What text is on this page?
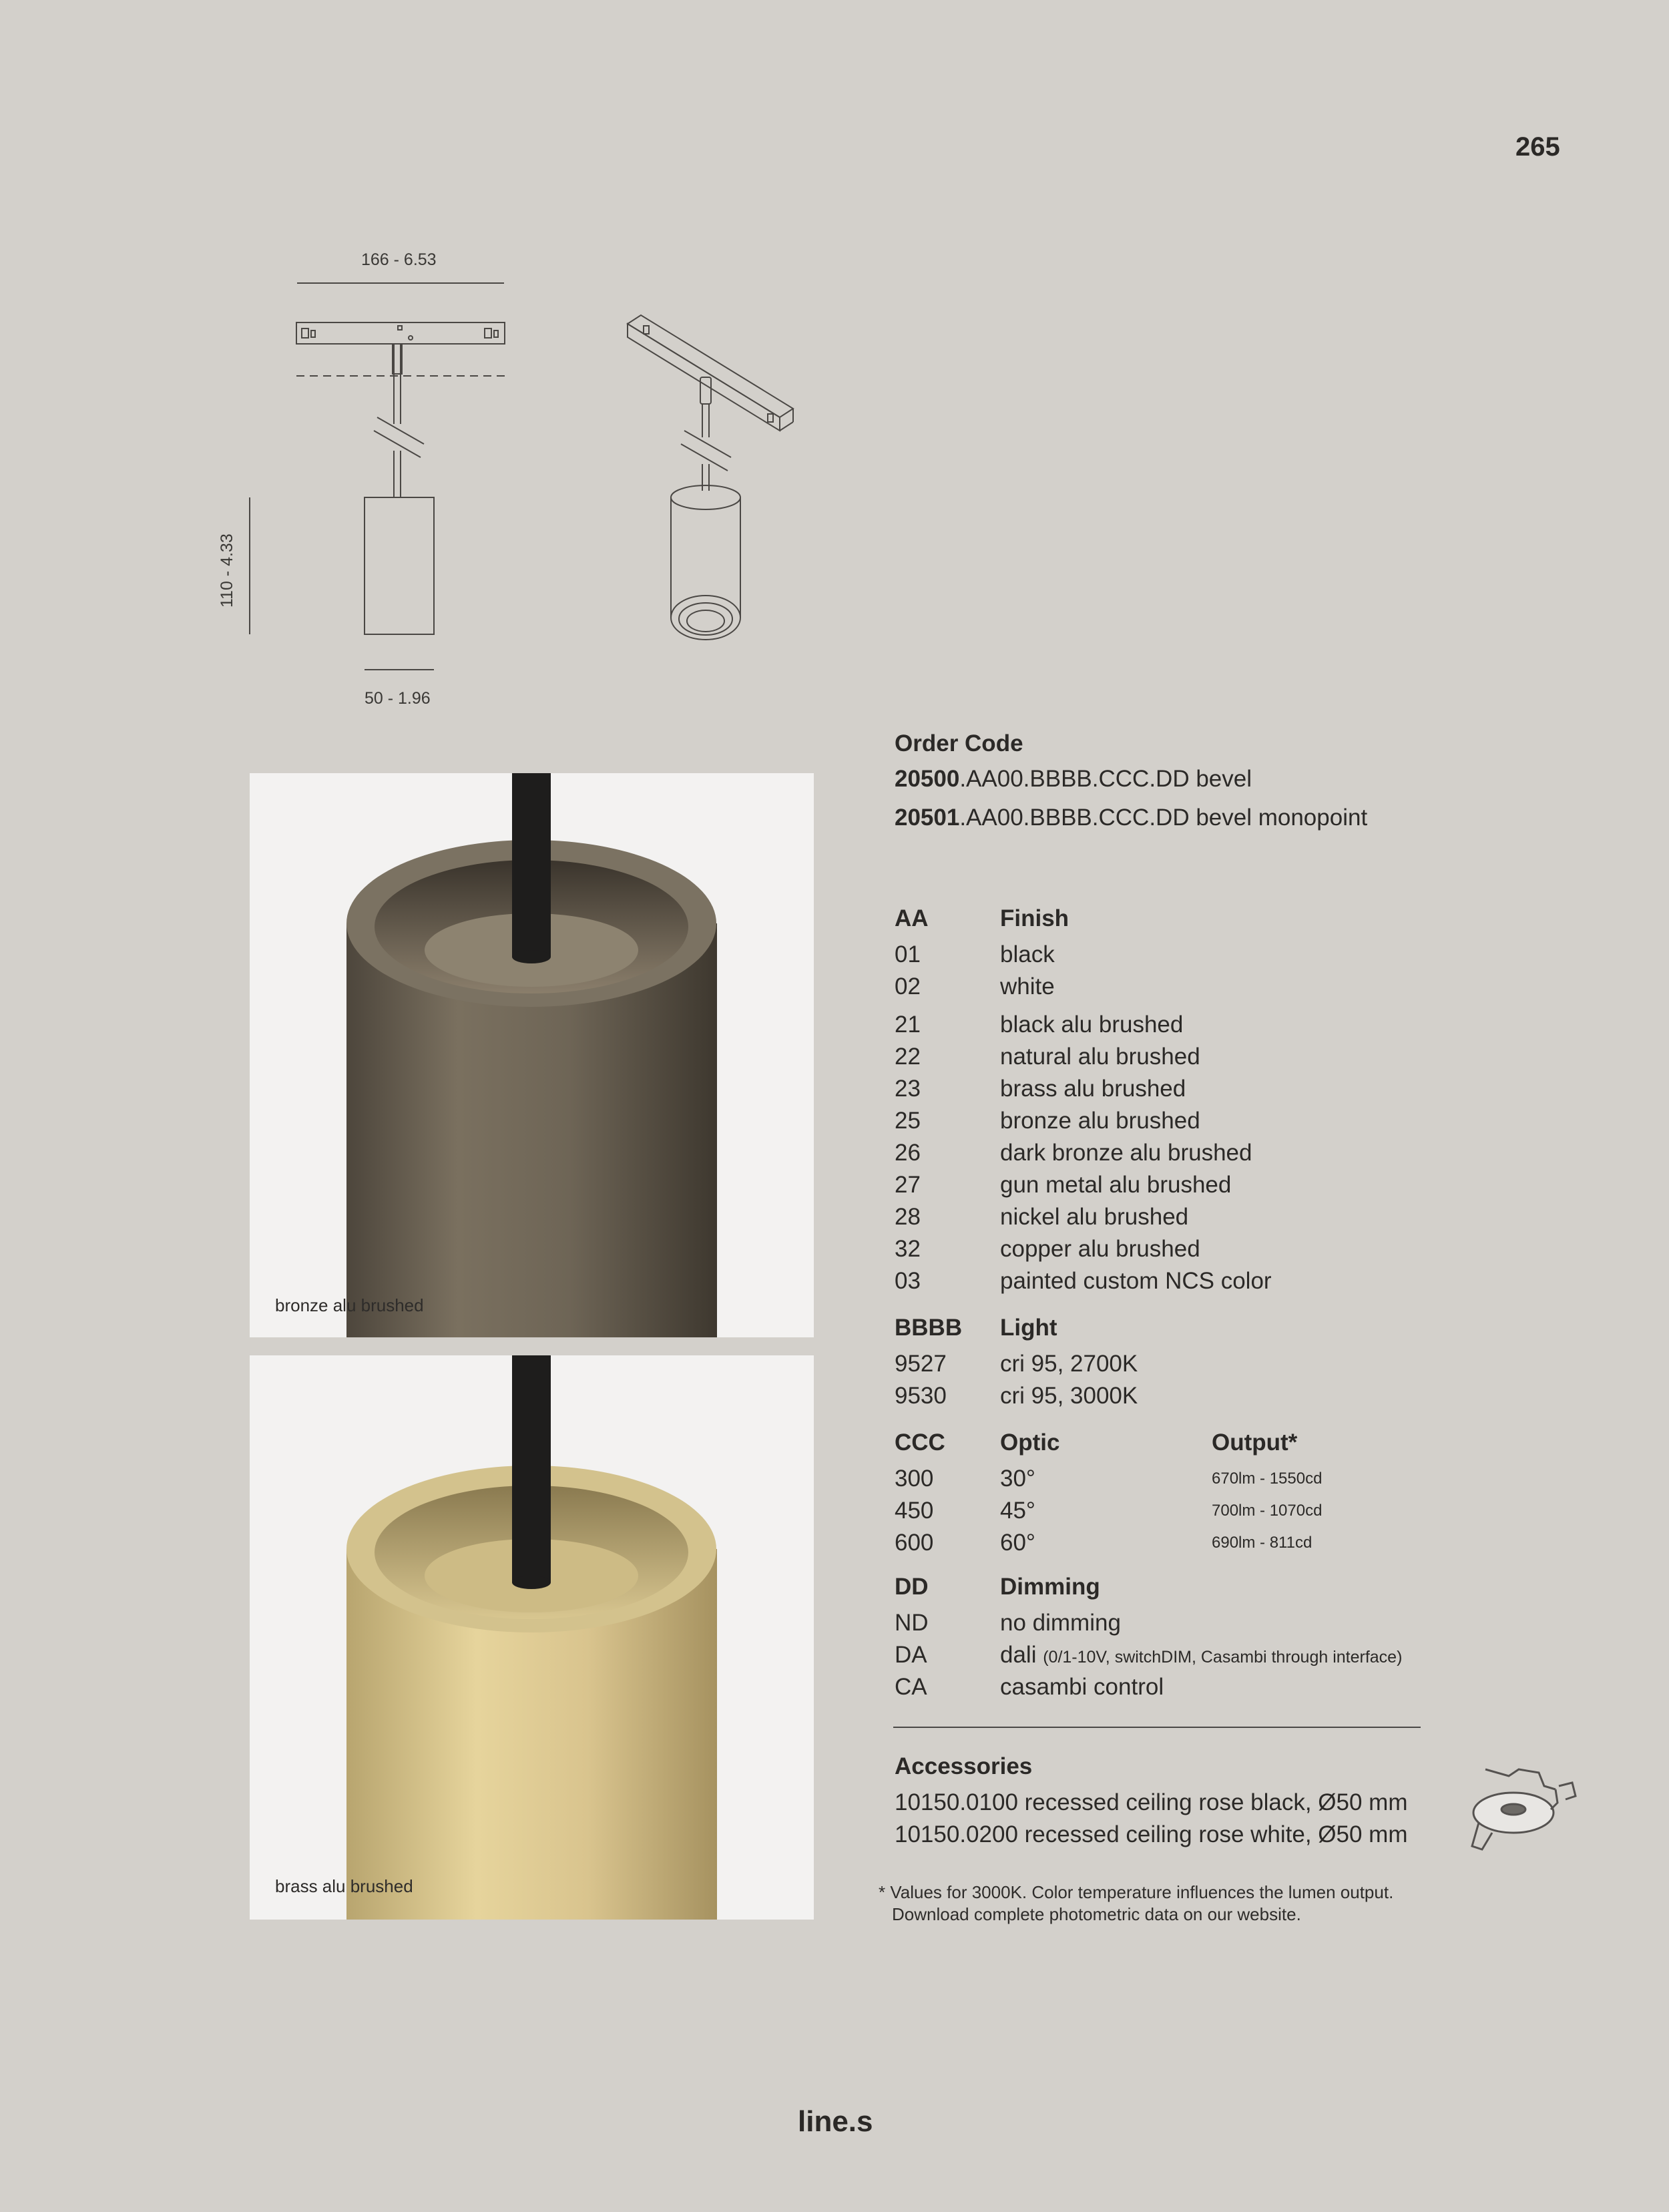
265
166 - 6.53
110 - 4.33
50 - 1.96
bronze alu brushed
brass alu brushed
Order Code
20500.AA00.BBBB.CCC.DD bevel
20501.AA00.BBBB.CCC.DD bevel monopoint
AA	Finish
01	black
02	white
21	black alu brushed
22	natural alu brushed
23	brass alu brushed
25	bronze alu brushed
26	dark bronze alu brushed
27	gun metal alu brushed
28	nickel alu brushed
32	copper alu brushed
03	painted custom NCS color
BBBB Light
9527 cri 95, 2700K
9530 cri 95, 3000K
CCC Optic	Output*
300	30°	670lm - 1550cd
450	45°	700lm - 1070cd
600	60°	690lm - 811cd
DD	Dimming
ND	no dimming
DA	dali (0/1-10V, switchDIM, Casambi through interface)
CA	casambi control
Accessories
10150.0100 recessed ceiling rose black, Ø50 mm
10150.0200 recessed ceiling rose white, Ø50 mm
* Values for 3000K. Color temperature influences the lumen output.
Download complete photometric data on our website.
line.s
